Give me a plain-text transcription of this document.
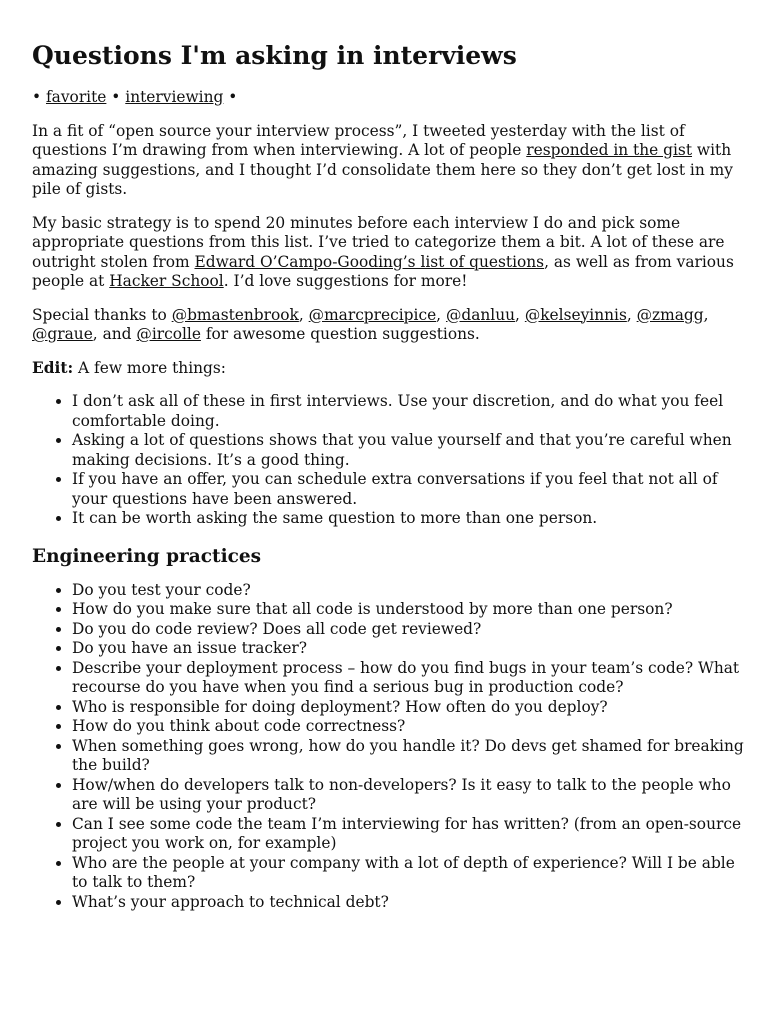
Questions I'm asking in interviews

• favorite • interviewing •

In a fit of “open source your interview process”, I tweeted yesterday with the list of questions I’m drawing from when interviewing. A lot of people responded in the gist with amazing suggestions, and I thought I’d consolidate them here so they don’t get lost in my pile of gists.

My basic strategy is to spend 20 minutes before each interview I do and pick some appropriate questions from this list. I’ve tried to categorize them a bit. A lot of these are outright stolen from Edward O’Campo-Gooding’s list of questions, as well as from various people at Hacker School. I’d love suggestions for more!

Special thanks to @bmastenbrook, @marcprecipice, @danluu, @kelseyinnis, @zmagg, @graue, and @ircolle for awesome question suggestions.

Edit: A few more things:

• I don’t ask all of these in first interviews. Use your discretion, and do what you feel comfortable doing.
• Asking a lot of questions shows that you value yourself and that you’re careful when making decisions. It’s a good thing.
• If you have an offer, you can schedule extra conversations if you feel that not all of your questions have been answered.
• It can be worth asking the same question to more than one person.
Engineering practices
• Do you test your code?
• How do you make sure that all code is understood by more than one person?
• Do you do code review? Does all code get reviewed?
• Do you have an issue tracker?
• Describe your deployment process – how do you find bugs in your team’s code? What recourse do you have when you find a serious bug in production code?
• Who is responsible for doing deployment? How often do you deploy?
• How do you think about code correctness?
• When something goes wrong, how do you handle it? Do devs get shamed for breaking the build?
• How/when do developers talk to non-developers? Is it easy to talk to the people who are will be using your product?
• Can I see some code the team I’m interviewing for has written? (from an open-source project you work on, for example)
• Who are the people at your company with a lot of depth of experience? Will I be able to talk to them?
• What’s your approach to technical debt?
